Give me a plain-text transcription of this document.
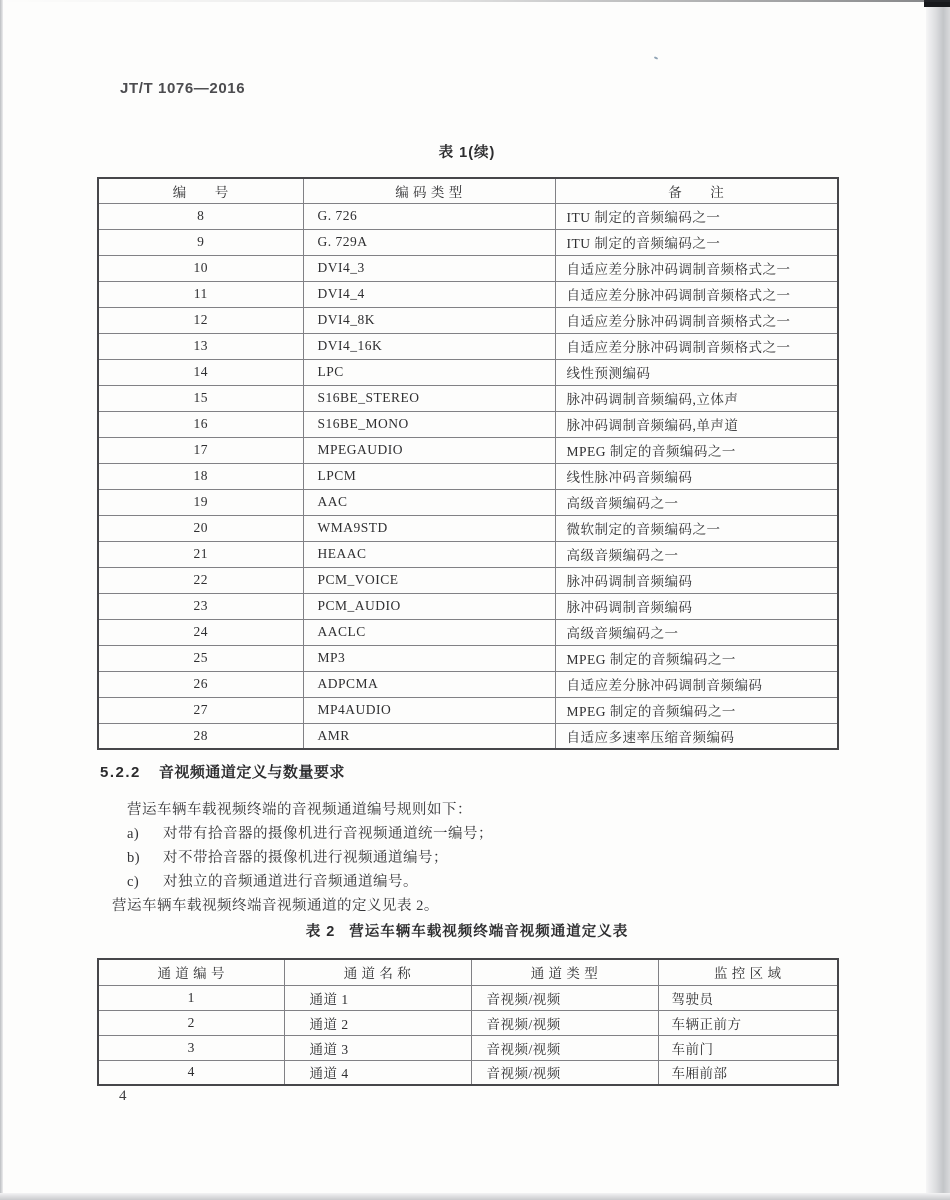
JT/T 1076—2016
表 1(续)
编　　号	编 码 类 型	备　　注
8	G. 726	ITU 制定的音频编码之一
9	G. 729A	ITU 制定的音频编码之一
10	DVI4_3	自适应差分脉冲码调制音频格式之一
11	DVI4_4	自适应差分脉冲码调制音频格式之一
12	DVI4_8K	自适应差分脉冲码调制音频格式之一
13	DVI4_16K	自适应差分脉冲码调制音频格式之一
14	LPC	线性预测编码
15	S16BE_STEREO	脉冲码调制音频编码,立体声
16	S16BE_MONO	脉冲码调制音频编码,单声道
17	MPEGAUDIO	MPEG 制定的音频编码之一
18	LPCM	线性脉冲码音频编码
19	AAC	高级音频编码之一
20	WMA9STD	微软制定的音频编码之一
21	HEAAC	高级音频编码之一
22	PCM_VOICE	脉冲码调制音频编码
23	PCM_AUDIO	脉冲码调制音频编码
24	AACLC	高级音频编码之一
25	MP3	MPEG 制定的音频编码之一
26	ADPCMA	自适应差分脉冲码调制音频编码
27	MP4AUDIO	MPEG 制定的音频编码之一
28	AMR	自适应多速率压缩音频编码
5.2.2 音视频通道定义与数量要求
营运车辆车载视频终端的音视频通道编号规则如下：
a) 对带有拾音器的摄像机进行音视频通道统一编号；
b) 对不带拾音器的摄像机进行视频通道编号；
c) 对独立的音频通道进行音频通道编号。
营运车辆车载视频终端音视频通道的定义见表 2。
表 2 营运车辆车载视频终端音视频通道定义表
通 道 编 号	通 道 名 称	通 道 类 型	监 控 区 域
1	通道 1	音视频/视频	驾驶员
2	通道 2	音视频/视频	车辆正前方
3	通道 3	音视频/视频	车前门
4	通道 4	音视频/视频	车厢前部
4
